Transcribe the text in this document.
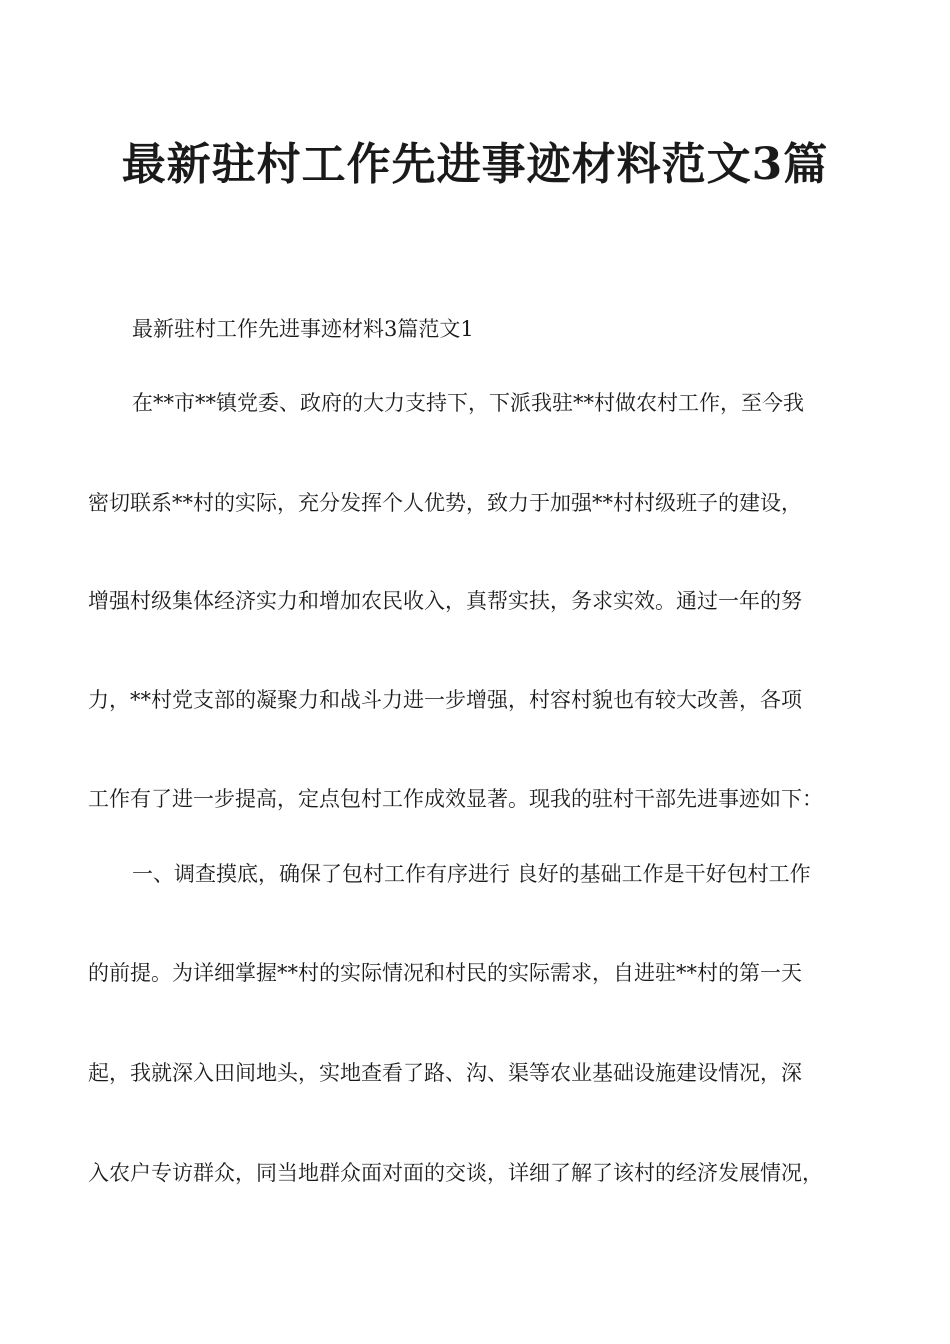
最新驻村工作先进事迹材料范文3篇
最新驻村工作先进事迹材料3篇范文1
在**市**镇党委、政府的大力支持下，下派我驻**村做农村工作，至今我
密切联系**村的实际，充分发挥个人优势，致力于加强**村村级班子的建设，
增强村级集体经济实力和增加农民收入，真帮实扶，务求实效。通过一年的努
力，**村党支部的凝聚力和战斗力进一步增强，村容村貌也有较大改善，各项
工作有了进一步提高，定点包村工作成效显著。现我的驻村干部先进事迹如下：
一、调查摸底，确保了包村工作有序进行 良好的基础工作是干好包村工作
的前提。为详细掌握**村的实际情况和村民的实际需求，自进驻**村的第一天
起，我就深入田间地头，实地查看了路、沟、渠等农业基础设施建设情况，深
入农户专访群众，同当地群众面对面的交谈，详细了解了该村的经济发展情况，
